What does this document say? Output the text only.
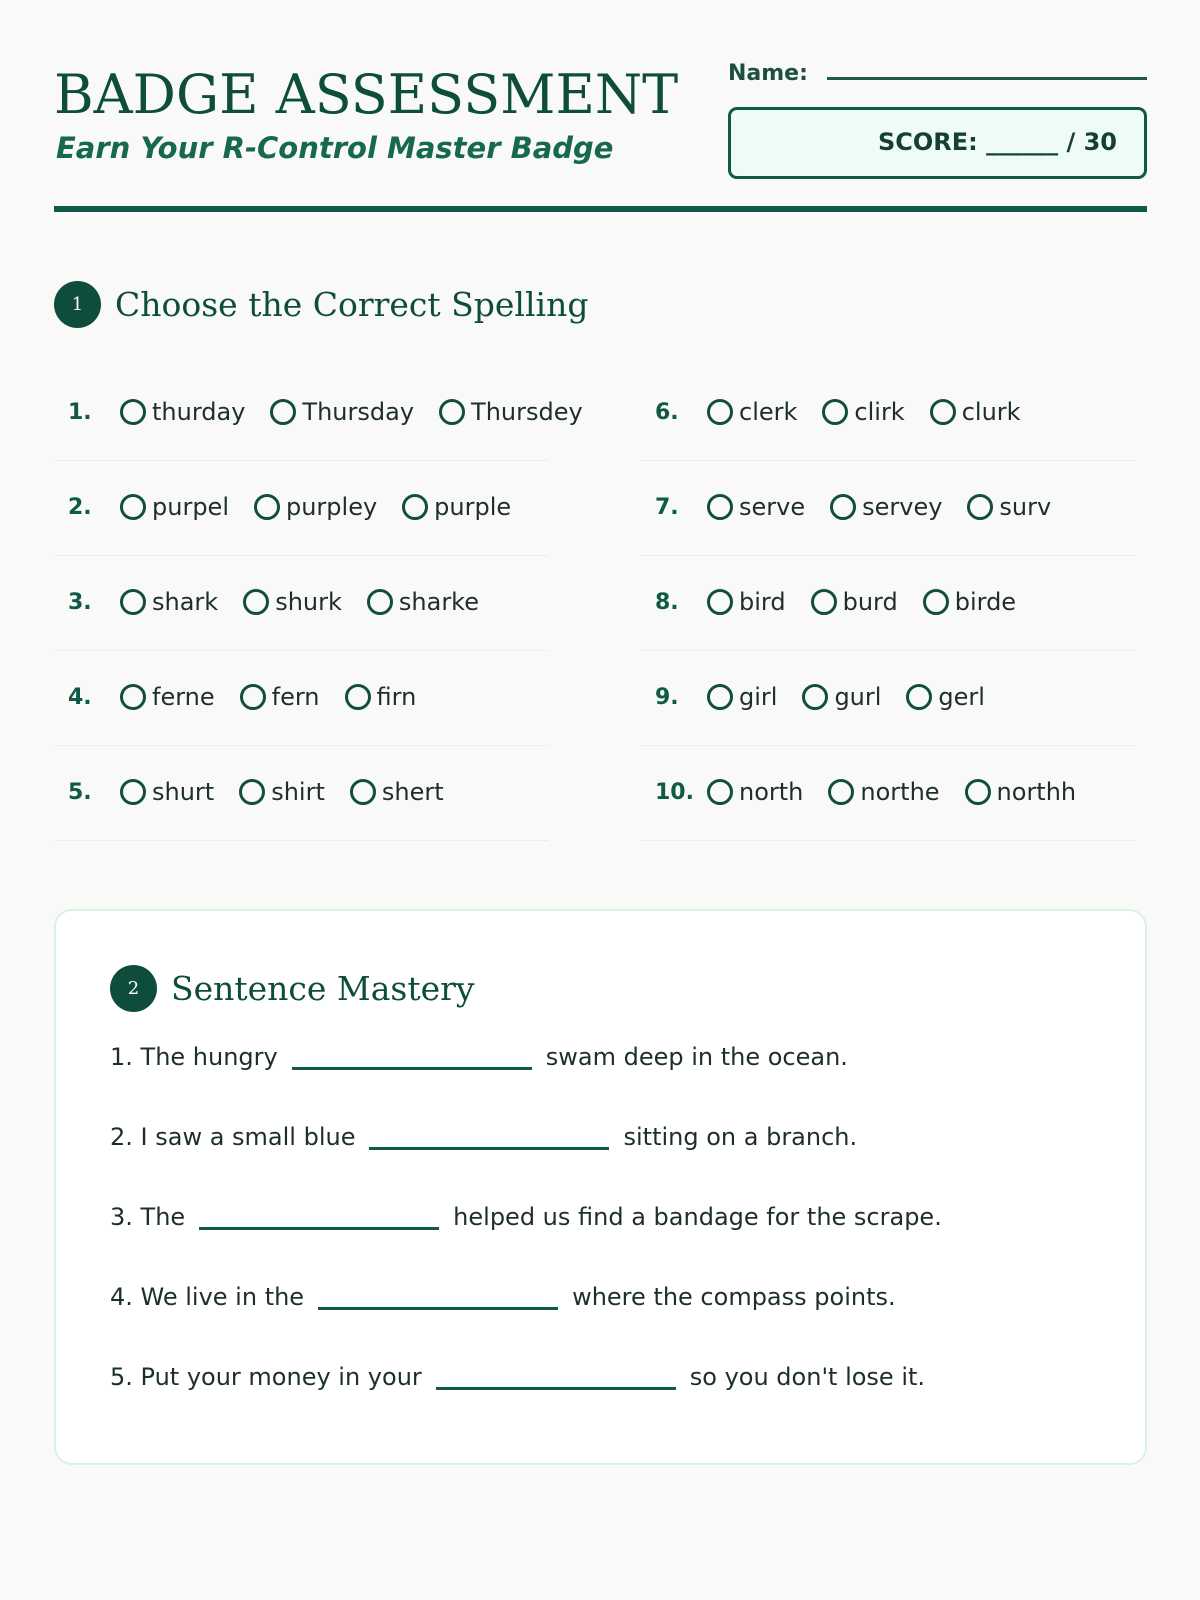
BADGE ASSESSMENT
Earn Your R-Control Master Badge
Name:
SCORE: ______ / 30
1 Choose the Correct Spelling
1.	thurday Thursday Thursdey
2.	purpel purpley purple
3.	shark shurk sharke
4.	ferne fern firn
5.	shurt shirt shert
6.	clerk clirk clurk
7.	serve servey surv
8.	bird burd birde
9.	girl gurl gerl
10.	north northe northh
2 Sentence Mastery
1. The hungry	swam deep in the ocean.
2. I saw a small blue	sitting on a branch.
3. The	helped us find a bandage for the scrape.
4. We live in the	where the compass points.
5. Put your money in your	so you don't lose it.
